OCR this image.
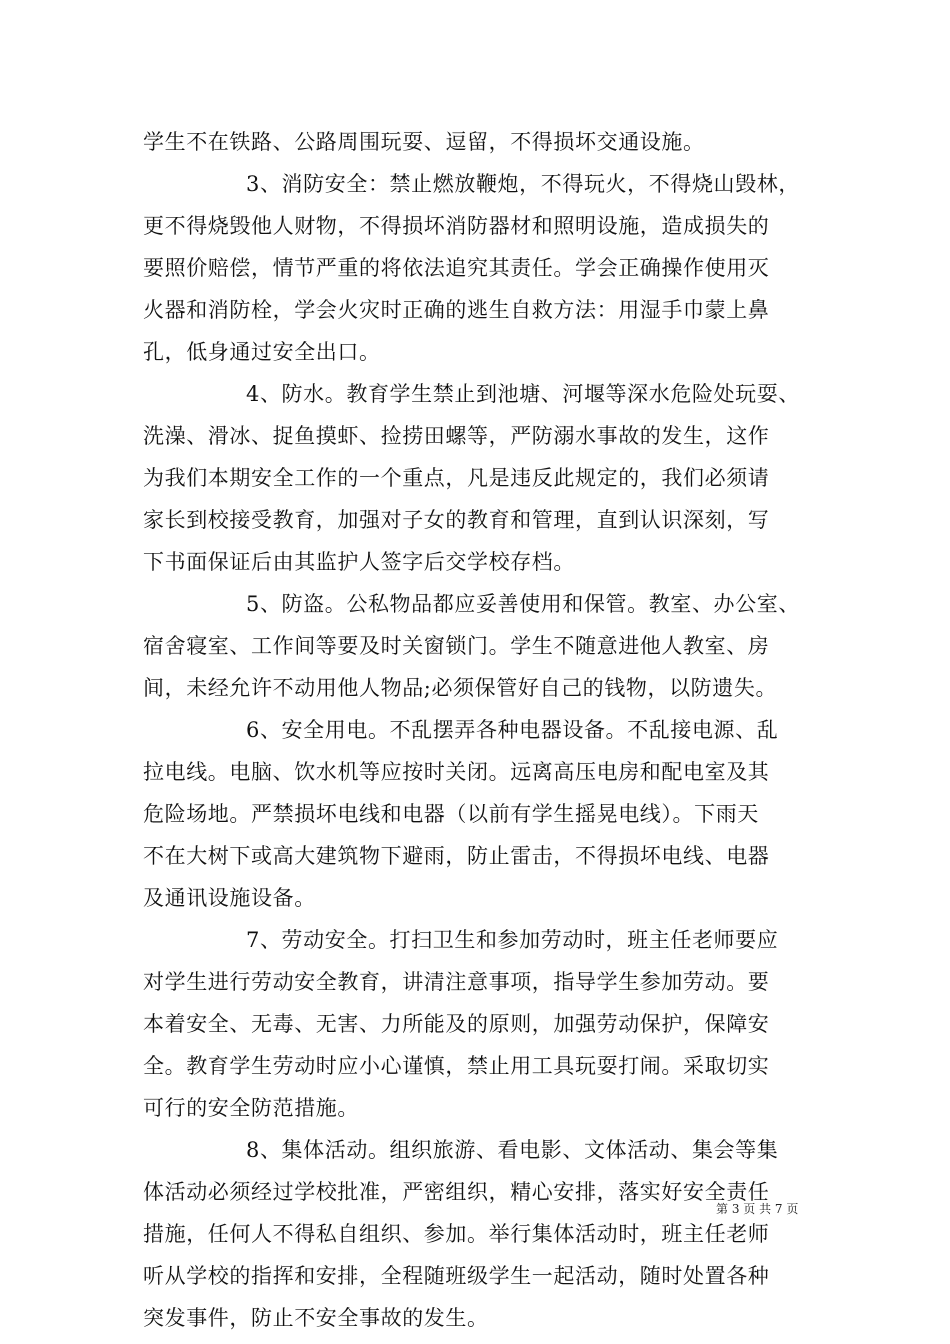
学生不在铁路、公路周围玩耍、逗留，不得损坏交通设施。
3、消防安全：禁止燃放鞭炮，不得玩火，不得烧山毁林，
更不得烧毁他人财物，不得损坏消防器材和照明设施，造成损失的
要照价赔偿，情节严重的将依法追究其责任。学会正确操作使用灭
火器和消防栓，学会火灾时正确的逃生自救方法：用湿手巾蒙上鼻
孔，低身通过安全出口。
4、防水。教育学生禁止到池塘、河堰等深水危险处玩耍、
洗澡、滑冰、捉鱼摸虾、捡捞田螺等，严防溺水事故的发生，这作
为我们本期安全工作的一个重点，凡是违反此规定的，我们必须请
家长到校接受教育，加强对子女的教育和管理，直到认识深刻，写
下书面保证后由其监护人签字后交学校存档。
5、防盗。公私物品都应妥善使用和保管。教室、办公室、
宿舍寝室、工作间等要及时关窗锁门。学生不随意进他人教室、房
间，未经允许不动用他人物品;必须保管好自己的钱物，以防遗失。
6、安全用电。不乱摆弄各种电器设备。不乱接电源、乱
拉电线。电脑、饮水机等应按时关闭。远离高压电房和配电室及其
危险场地。严禁损坏电线和电器（以前有学生摇晃电线）。下雨天
不在大树下或高大建筑物下避雨，防止雷击，不得损坏电线、电器
及通讯设施设备。
7、劳动安全。打扫卫生和参加劳动时，班主任老师要应
对学生进行劳动安全教育，讲清注意事项，指导学生参加劳动。要
本着安全、无毒、无害、力所能及的原则，加强劳动保护，保障安
全。教育学生劳动时应小心谨慎，禁止用工具玩耍打闹。采取切实
可行的安全防范措施。
8、集体活动。组织旅游、看电影、文体活动、集会等集
体活动必须经过学校批准，严密组织，精心安排，落实好安全责任
措施，任何人不得私自组织、参加。举行集体活动时，班主任老师
听从学校的指挥和安排，全程随班级学生一起活动，随时处置各种
突发事件，防止不安全事故的发生。
第 3 页 共 7 页
